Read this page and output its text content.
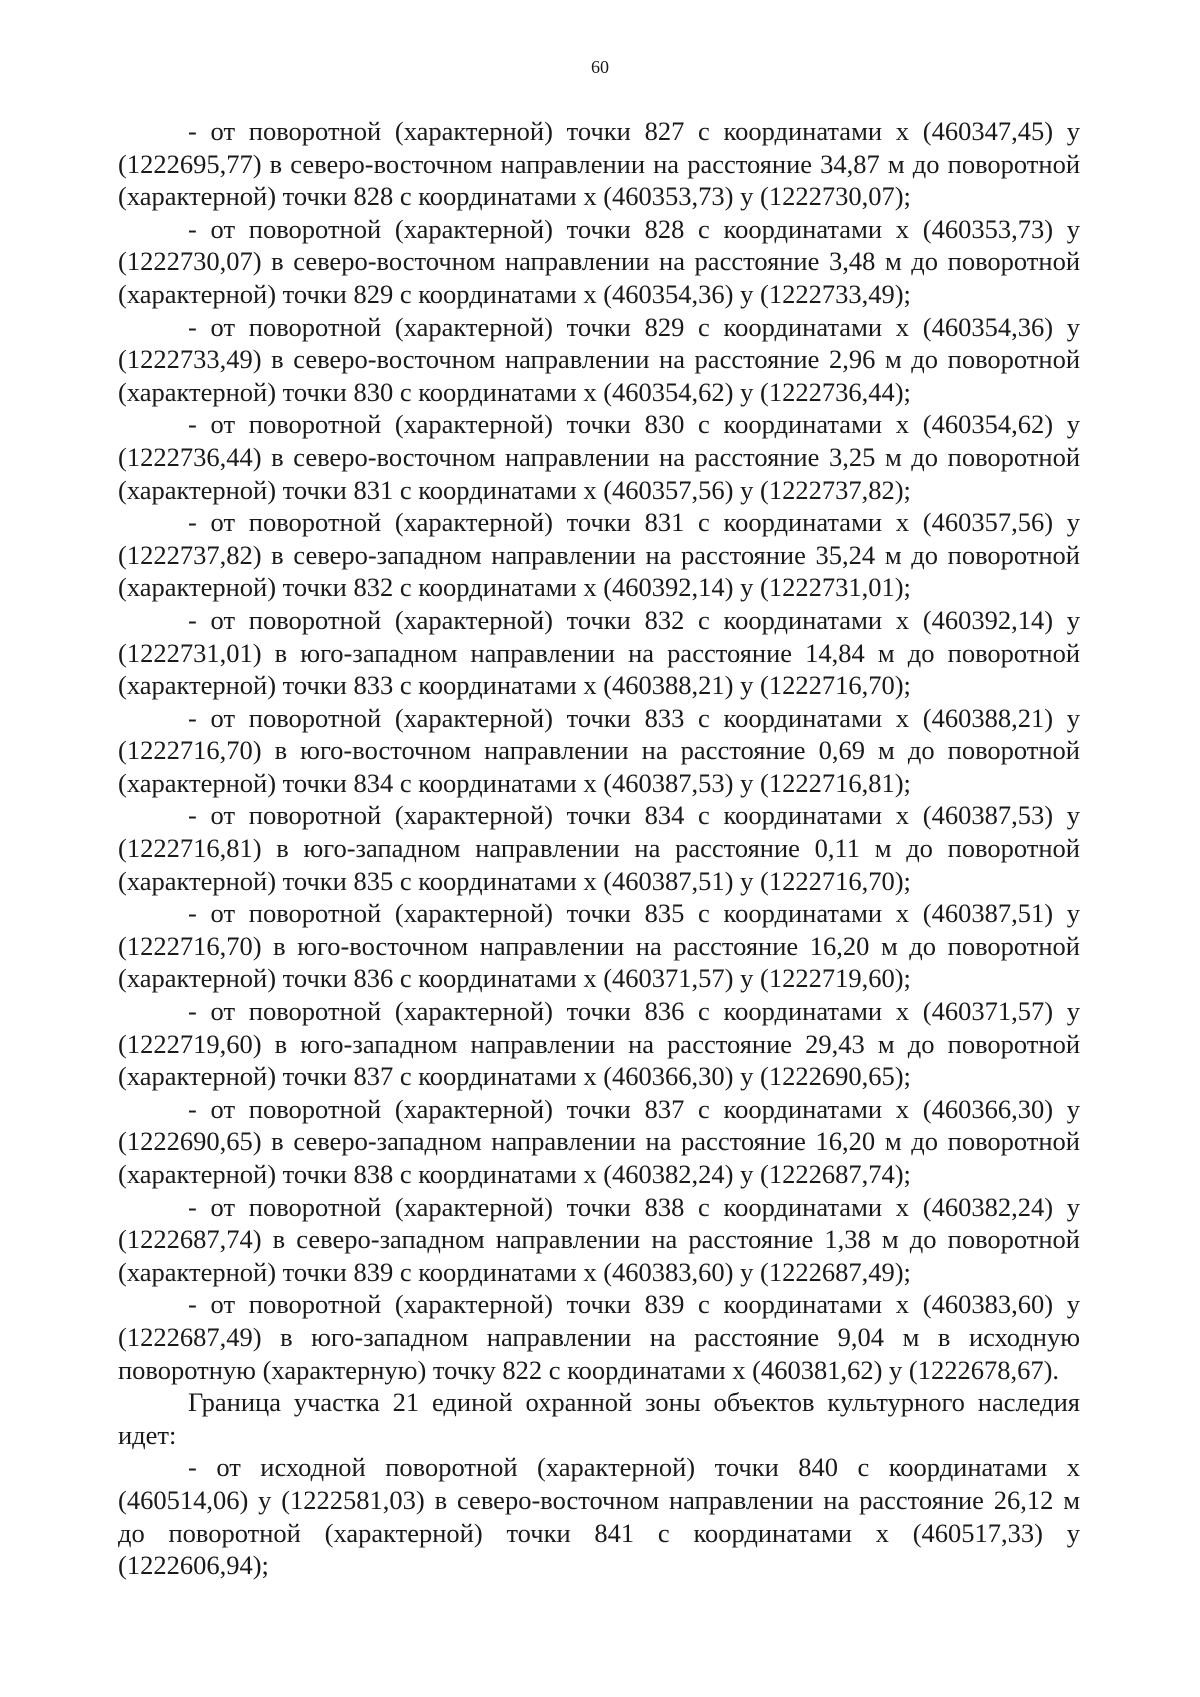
60

- от поворотной (характерной) точки 827 с координатами х (460347,45) у (1222695,77) в северо-восточном направлении на расстояние 34,87 м до поворотной (характерной) точки 828 с координатами х (460353,73) у (1222730,07);

- от поворотной (характерной) точки 828 с координатами х (460353,73) у (1222730,07) в северо-восточном направлении на расстояние 3,48 м до поворотной (характерной) точки 829 с координатами х (460354,36) у (1222733,49);

- от поворотной (характерной) точки 829 с координатами х (460354,36) у (1222733,49) в северо-восточном направлении на расстояние 2,96 м до поворотной (характерной) точки 830 с координатами х (460354,62) у (1222736,44);

- от поворотной (характерной) точки 830 с координатами х (460354,62) у (1222736,44) в северо-восточном направлении на расстояние 3,25 м до поворотной (характерной) точки 831 с координатами х (460357,56) у (1222737,82);

- от поворотной (характерной) точки 831 с координатами х (460357,56) у (1222737,82) в северо-западном направлении на расстояние 35,24 м до поворотной (характерной) точки 832 с координатами х (460392,14) у (1222731,01);

- от поворотной (характерной) точки 832 с координатами х (460392,14) у (1222731,01) в юго-западном направлении на расстояние 14,84 м до поворотной (характерной) точки 833 с координатами х (460388,21) у (1222716,70);

- от поворотной (характерной) точки 833 с координатами х (460388,21) у (1222716,70) в юго-восточном направлении на расстояние 0,69 м до поворотной (характерной) точки 834 с координатами х (460387,53) у (1222716,81);

- от поворотной (характерной) точки 834 с координатами х (460387,53) у (1222716,81) в юго-западном направлении на расстояние 0,11 м до поворотной (характерной) точки 835 с координатами х (460387,51) у (1222716,70);

- от поворотной (характерной) точки 835 с координатами х (460387,51) у (1222716,70) в юго-восточном направлении на расстояние 16,20 м до поворотной (характерной) точки 836 с координатами х (460371,57) у (1222719,60);

- от поворотной (характерной) точки 836 с координатами х (460371,57) у (1222719,60) в юго-западном направлении на расстояние 29,43 м до поворотной (характерной) точки 837 с координатами х (460366,30) у (1222690,65);

- от поворотной (характерной) точки 837 с координатами х (460366,30) у (1222690,65) в северо-западном направлении на расстояние 16,20 м до поворотной (характерной) точки 838 с координатами х (460382,24) у (1222687,74);

- от поворотной (характерной) точки 838 с координатами х (460382,24) у (1222687,74) в северо-западном направлении на расстояние 1,38 м до поворотной (характерной) точки 839 с координатами х (460383,60) у (1222687,49);

- от поворотной (характерной) точки 839 с координатами х (460383,60) у (1222687,49) в юго-западном направлении на расстояние 9,04 м в исходную поворотную (характерную) точку 822 с координатами х (460381,62) у (1222678,67).

Граница участка 21 единой охранной зоны объектов культурного наследия идет:

- от исходной поворотной (характерной) точки 840 с координатами х (460514,06) у (1222581,03) в северо-восточном направлении на расстояние 26,12 м до поворотной (характерной) точки 841 с координатами х (460517,33) у (1222606,94);
